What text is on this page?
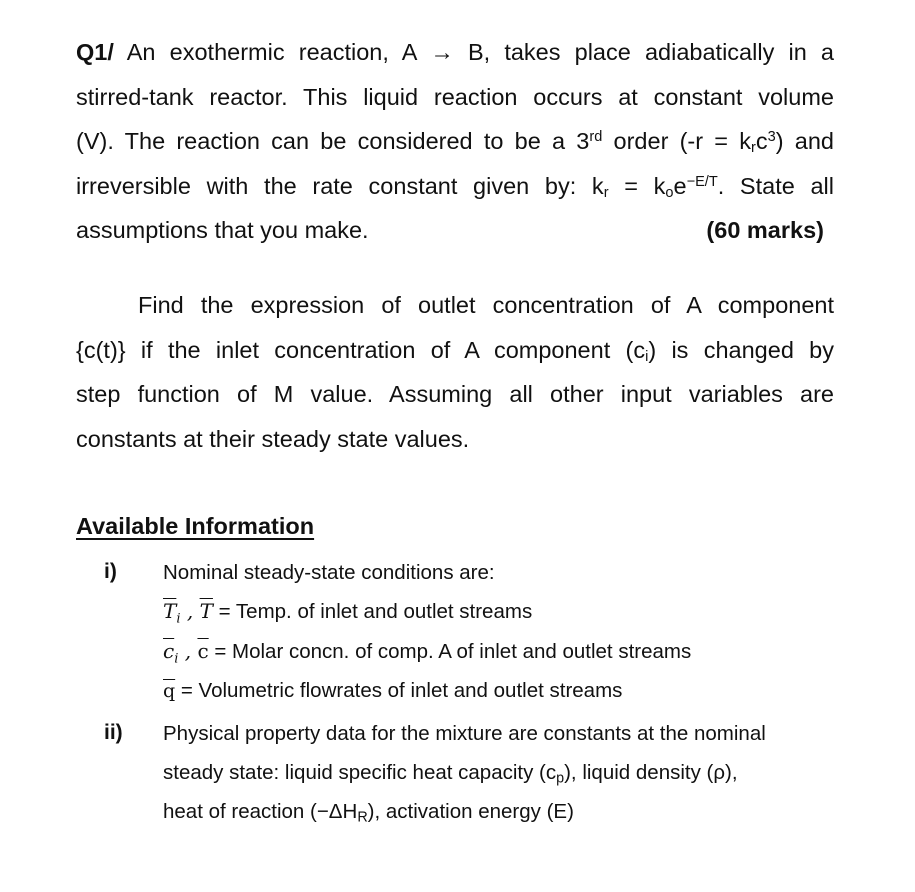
Q1/ An exothermic reaction, A → B, takes place adiabatically in a
stirred-tank reactor. This liquid reaction occurs at constant volume
(V). The reaction can be considered to be a 3rd order $(-r = k_rc^3)$ and
irreversible with the rate constant given by: $k_r = k_oe^{-E/T}$. State all
assumptions that you make.	(60 marks)
Find the expression of outlet concentration of A component
{c(t)} if the inlet concentration of A component $(c_i)$ is changed by
step function of M value. Assuming all other input variables are
constants at their steady state values.
Available Information
i) Nominal steady-state conditions are:
$\overline{T}_i$ , $\overline{T}$ = Temp. of inlet and outlet streams
$\overline{c}_i$ , $\overline{c}$ = Molar concn. of comp. A of inlet and outlet streams
$\overline{q}$ = Volumetric flowrates of inlet and outlet streams
ii) Physical property data for the mixture are constants at the nominal
steady state: liquid specific heat capacity (cp), liquid density (ρ),
heat of reaction (−ΔHR), activation energy (E)
